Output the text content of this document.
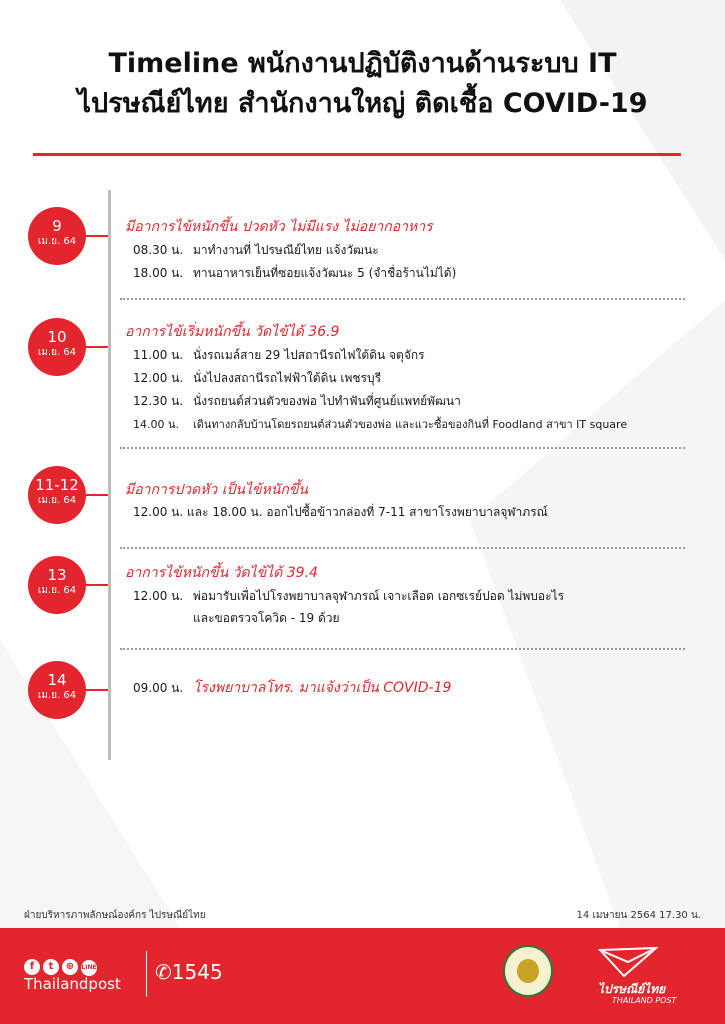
Timeline พนักงานปฏิบัติงานด้านระบบ IT
ไปรษณีย์ไทย สำนักงานใหญ่ ติดเชื้อ COVID-19
9
เม.ย. 64
มีอาการไข้หนักขึ้น ปวดหัว ไม่มีแรง ไม่อยากอาหาร
08.30 น. มาทำงานที่ ไปรษณีย์ไทย แจ้งวัฒนะ
18.00 น. ทานอาหารเย็นที่ซอยแจ้งวัฒนะ 5 (จำชื่อร้านไม่ได้)
10
เม.ย. 64
อาการไข้เริ่มหนักขึ้น วัดไข้ได้ 36.9
11.00 น. นั่งรถเมล์สาย 29 ไปสถานีรถไฟใต้ดิน จตุจักร
12.00 น. นั่งไปลงสถานีรถไฟฟ้าใต้ดิน เพชรบุรี
12.30 น. นั่งรถยนต์ส่วนตัวของพ่อ ไปทำฟันที่ศูนย์แพทย์พัฒนา
14.00 น. เดินทางกลับบ้านโดยรถยนต์ส่วนตัวของพ่อ และแวะซื้อของกินที่ Foodland สาขา IT square
11-12
เม.ย. 64
มีอาการปวดหัว เป็นไข้หนักขึ้น
12.00 น. และ 18.00 น. ออกไปซื้อข้าวกล่องที่ 7-11 สาขาโรงพยาบาลจุฬาภรณ์
13
เม.ย. 64
อาการไข้หนักขึ้น วัดไข้ได้ 39.4
12.00 น. พ่อมารับเพื่อไปโรงพยาบาลจุฬาภรณ์ เจาะเลือด เอกซเรย์ปอด ไม่พบอะไร
และขอตรวจโควิด - 19 ด้วย
14
เม.ย. 64
09.00 น. โรงพยาบาลโทร. มาแจ้งว่าเป็น COVID-19
ฝ่ายบริหารภาพลักษณ์องค์กร ไปรษณีย์ไทย	14 เมษายน 2564 17.30 น.
f t ⊕ LINE
Thailandpost ✆1545
ไปรษณีย์ไทย
THAILAND POST
